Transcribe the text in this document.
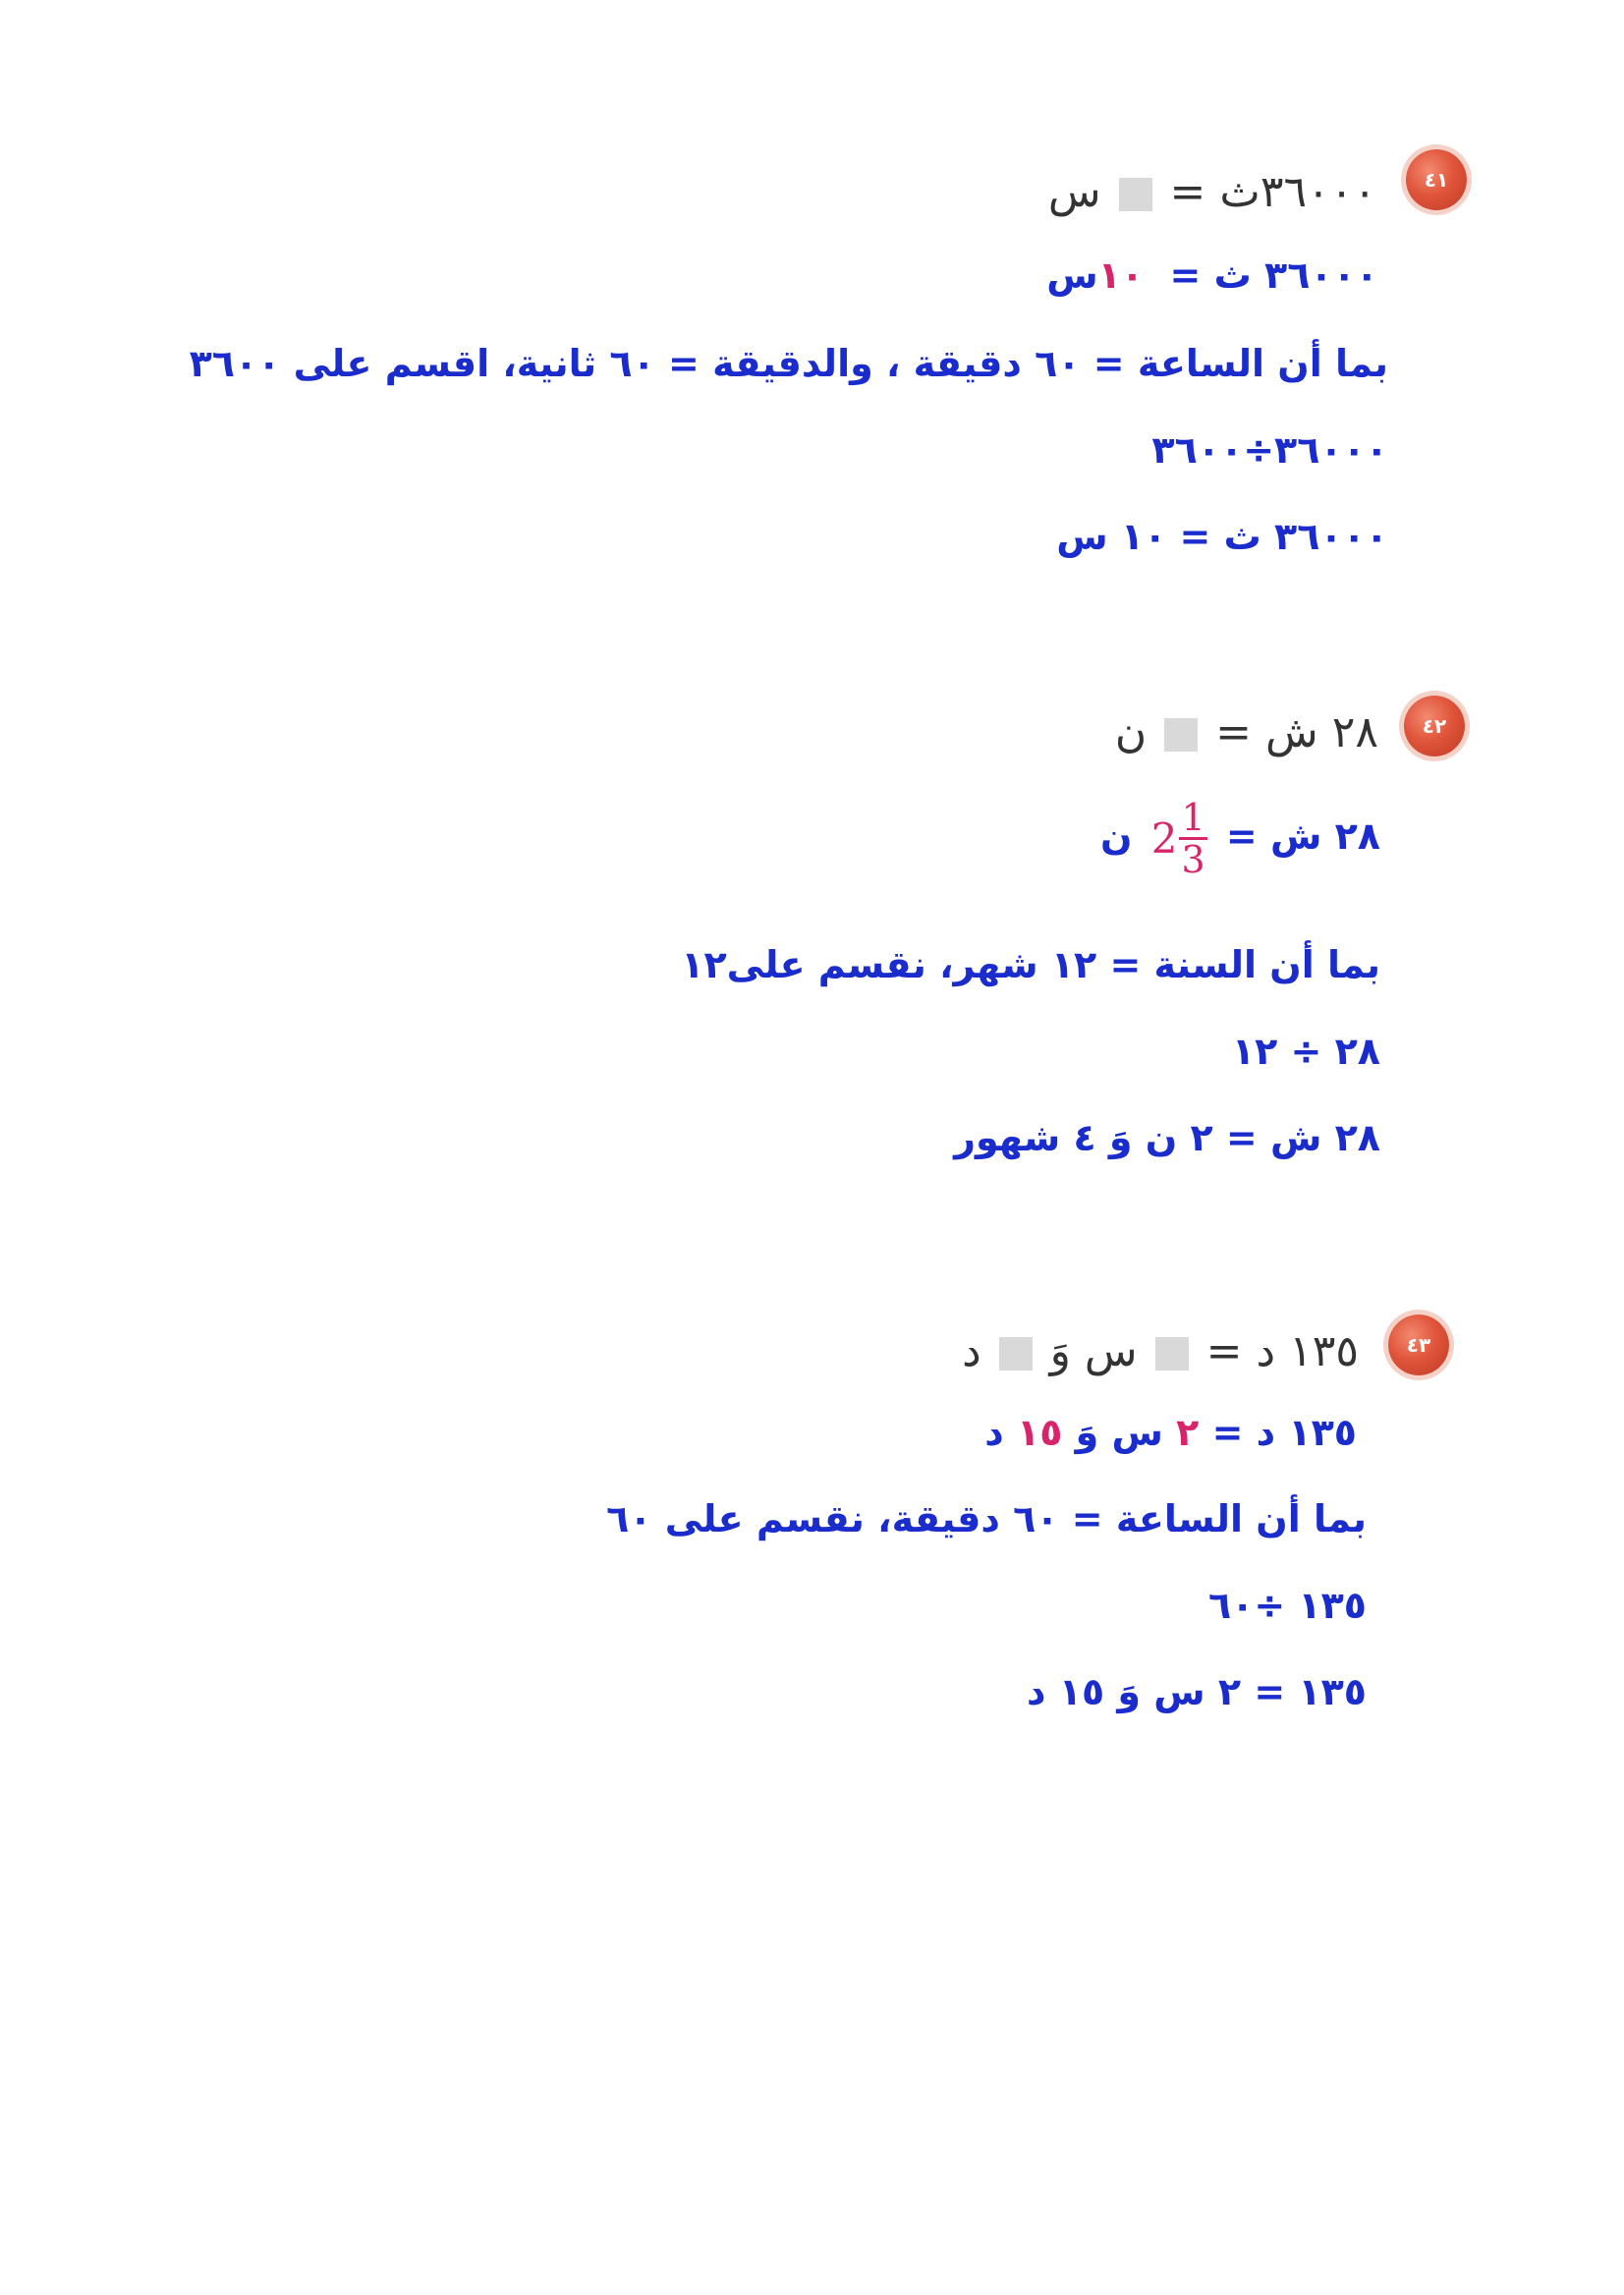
٤١
٣٦٠٠٠ث =  س
٣٦٠٠٠ ث =  ١٠س
بما أن الساعة = ٦٠ دقيقة ، والدقيقة = ٦٠ ثانية، اقسم على ٣٦٠٠
٣٦٠٠٠÷٣٦٠٠
٣٦٠٠٠ ث = ١٠ س
٤٢
٢٨ ش =  ن
٢٨ ش =
$2 \frac{1}{3}$
ن
بما أن السنة = ١٢ شهر، نقسم على١٢
٢٨ ÷ ١٢
٢٨ ش = ٢ ن وَ ٤ شهور
٤٣
١٣٥ د =  س وَ  د
١٣٥ د = ٢ س وَ ١٥ د
بما أن الساعة = ٦٠ دقيقة، نقسم على ٦٠
١٣٥ ÷٦٠
١٣٥ = ٢ س وَ ١٥ د
